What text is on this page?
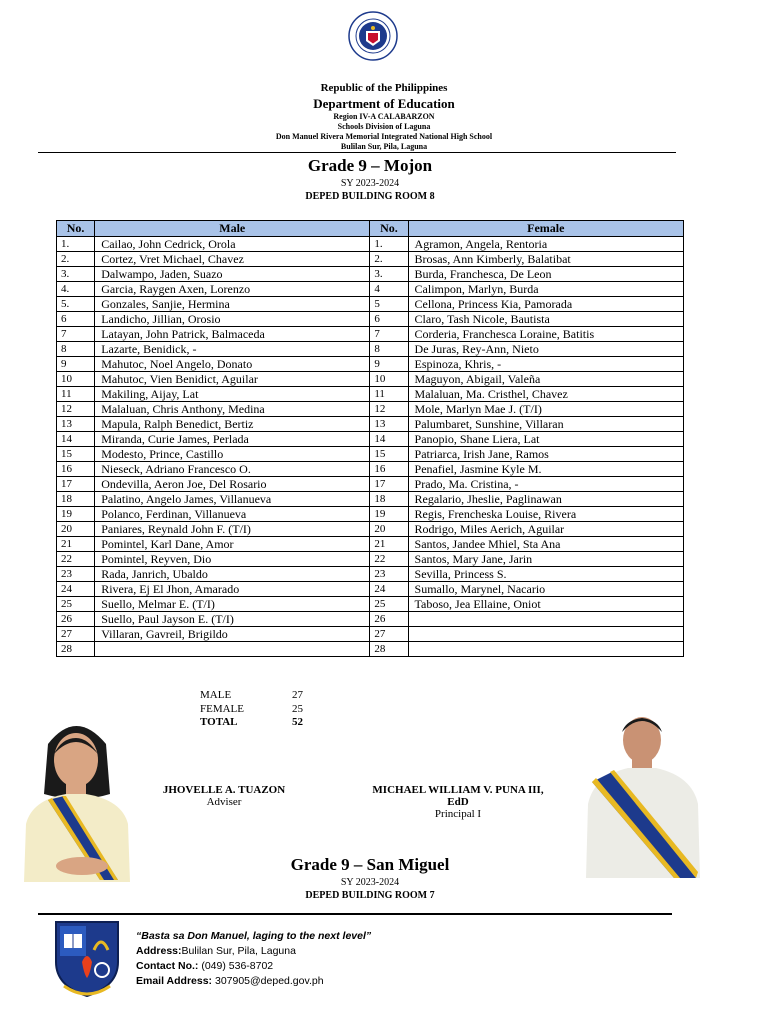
Republic of the Philippines
Department of Education
Region IV-A CALABARZON
Schools Division of Laguna
Don Manuel Rivera Memorial Integrated National High School
Bulilan Sur, Pila, Laguna
Grade 9 – Mojon
SY 2023-2024
DEPED BUILDING ROOM 8
No.	Male	No.	Female
1.	Cailao, John Cedrick, Orola	1.	Agramon, Angela, Rentoria
2.	Cortez, Vret Michael, Chavez	2.	Brosas, Ann Kimberly, Balatibat
3.	Dalwampo, Jaden, Suazo	3.	Burda, Franchesca, De Leon
4.	Garcia, Raygen Axen, Lorenzo	4	Calimpon, Marlyn, Burda
5.	Gonzales, Sanjie, Hermina	5	Cellona, Princess Kia, Pamorada
6	Landicho, Jillian, Orosio	6	Claro, Tash Nicole, Bautista
7	Latayan, John Patrick, Balmaceda	7	Corderia, Franchesca Loraine, Batitis
8	Lazarte, Benidick, -	8	De Juras, Rey-Ann, Nieto
9	Mahutoc, Noel Angelo, Donato	9	Espinoza, Khris, -
10	Mahutoc, Vien Benidict, Aguilar	10	Maguyon, Abigail, Valeña
11	Makiling, Aijay, Lat	11	Malaluan, Ma. Cristhel, Chavez
12	Malaluan, Chris Anthony, Medina	12	Mole, Marlyn Mae J. (T/I)
13	Mapula, Ralph Benedict, Bertiz	13	Palumbaret, Sunshine, Villaran
14	Miranda, Curie James, Perlada	14	Panopio, Shane Liera, Lat
15	Modesto, Prince, Castillo	15	Patriarca, Irish Jane, Ramos
16	Nieseck, Adriano Francesco O.	16	Penafiel, Jasmine Kyle M.
17	Ondevilla, Aeron Joe, Del Rosario	17	Prado, Ma. Cristina, -
18	Palatino, Angelo James, Villanueva	18	Regalario, Jheslie, Paglinawan
19	Polanco, Ferdinan, Villanueva	19	Regis, Frencheska Louise, Rivera
20	Paniares, Reynald John F. (T/I)	20	Rodrigo, Miles Aerich, Aguilar
21	Pomintel, Karl Dane, Amor	21	Santos, Jandee Mhiel, Sta Ana
22	Pomintel, Reyven, Dio	22	Santos, Mary Jane, Jarin
23	Rada, Janrich, Ubaldo	23	Sevilla, Princess S.
24	Rivera, Ej El Jhon, Amarado	24	Sumallo, Marynel, Nacario
25	Suello, Melmar E. (T/I)	25	Taboso, Jea Ellaine, Oniot
26	Suello, Paul Jayson E. (T/I)	26	
27	Villaran, Gavreil, Brigildo	27	
28		28	
MALE	27
FEMALE	25
TOTAL	52
JHOVELLE A. TUAZON
Adviser
MICHAEL WILLIAM V. PUNA III,
EdD
Principal I
Grade 9 – San Miguel
SY 2023-2024
DEPED BUILDING ROOM 7
“Basta sa Don Manuel, laging to the next level”
Address:Bulilan Sur, Pila, Laguna
Contact No.: (049) 536-8702
Email Address: 307905@deped.gov.ph
